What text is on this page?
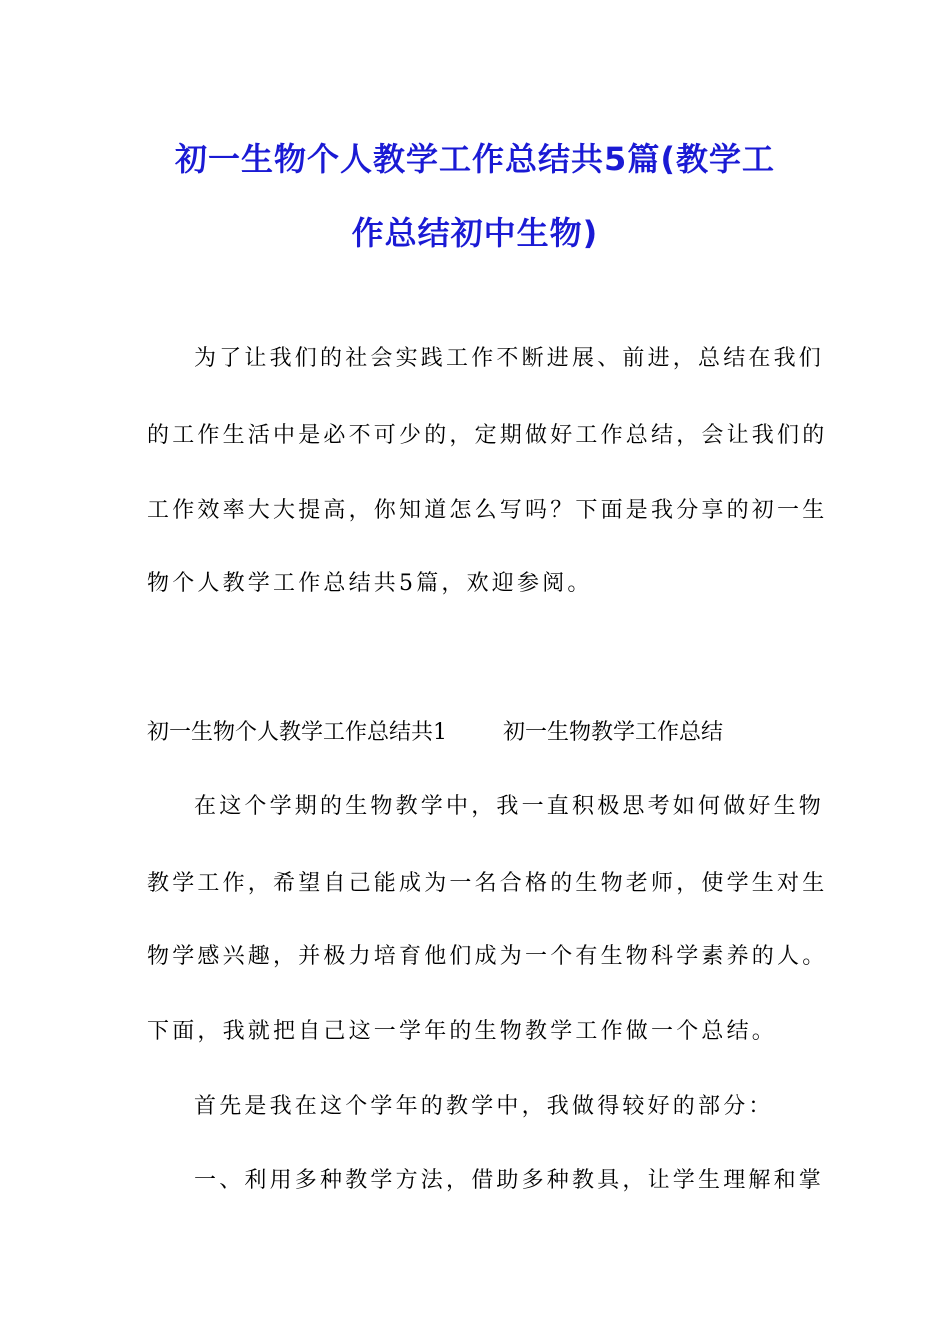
初一生物个人教学工作总结共5篇(教学工
作总结初中生物)
为了让我们的社会实践工作不断进展、前进，总结在我们
的工作生活中是必不可少的，定期做好工作总结，会让我们的
工作效率大大提高，你知道怎么写吗？下面是我分享的初一生
物个人教学工作总结共5篇，欢迎参阅。
初一生物个人教学工作总结共1	初一生物教学工作总结
在这个学期的生物教学中，我一直积极思考如何做好生物
教学工作，希望自己能成为一名合格的生物老师，使学生对生
物学感兴趣，并极力培育他们成为一个有生物科学素养的人。
下面，我就把自己这一学年的生物教学工作做一个总结。
首先是我在这个学年的教学中，我做得较好的部分：
一、利用多种教学方法，借助多种教具，让学生理解和掌
